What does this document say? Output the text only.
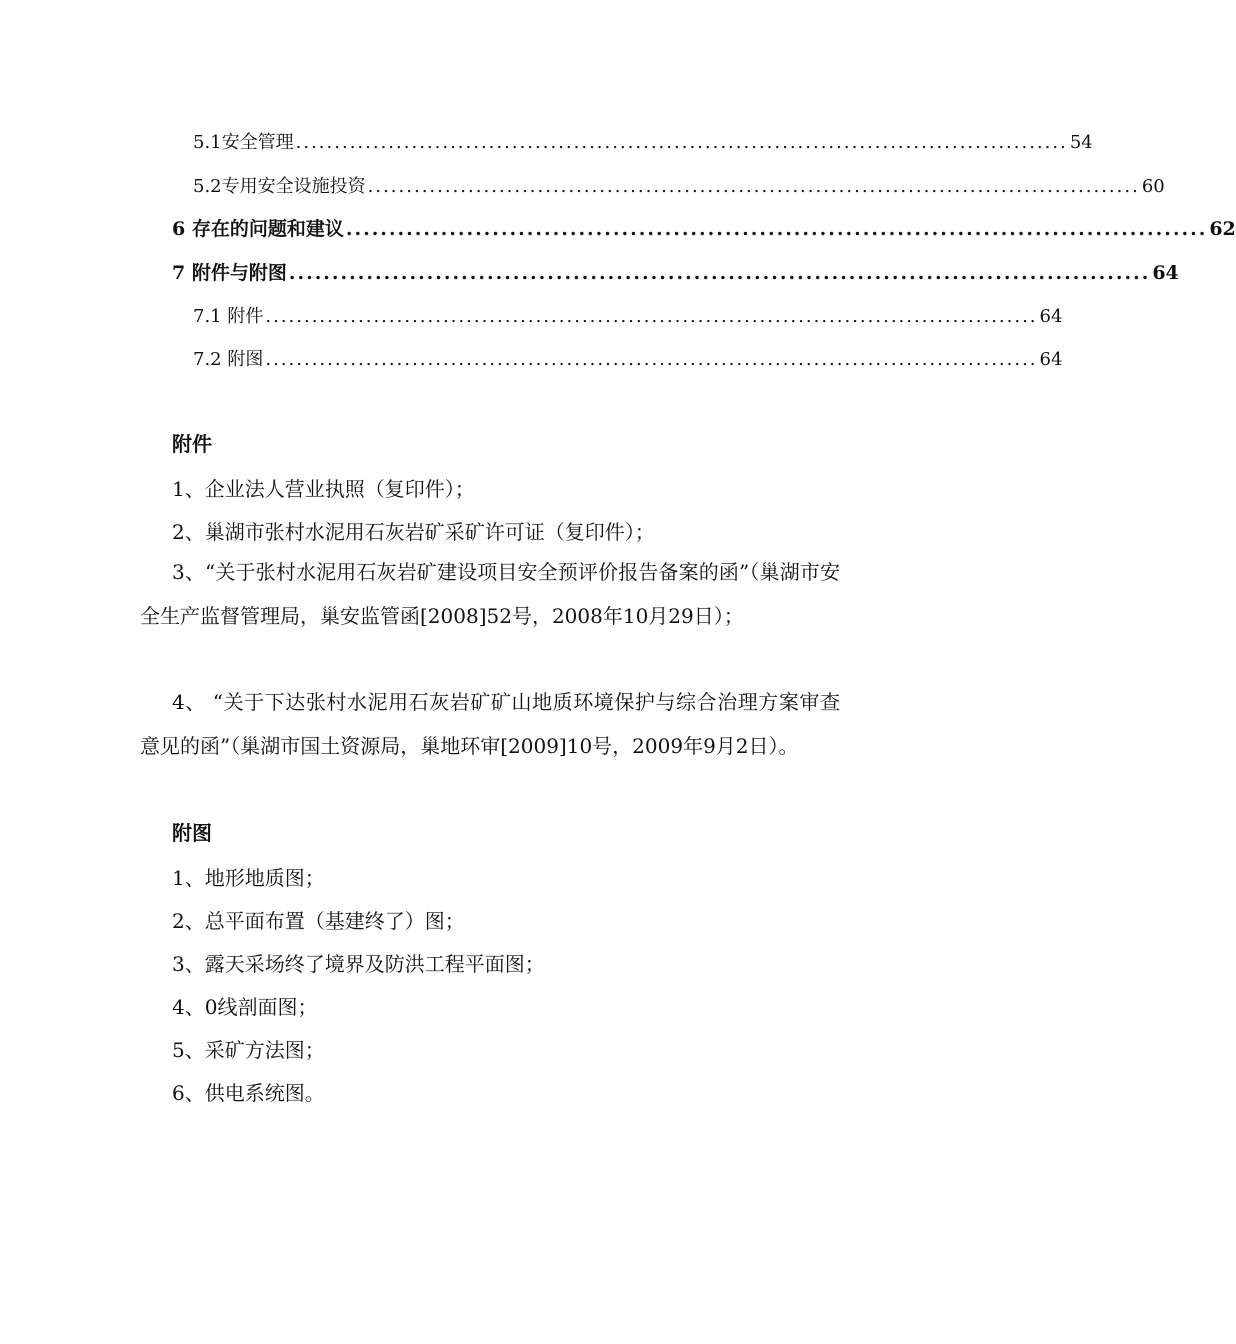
5.1安全管理 .................................................................................................... 54
5.2专用安全设施投资 .................................................................................................... 60
6 存在的问题和建议 .................................................................................................... 62
7 附件与附图 .................................................................................................... 64
7.1 附件 .................................................................................................... 64
7.2 附图 .................................................................................................... 64
附件
1、企业法人营业执照（复印件）；
2、巢湖市张村水泥用石灰岩矿采矿许可证（复印件）；
3、“关于张村水泥用石灰岩矿建设项目安全预评价报告备案的函”（巢湖市安全生产监督管理局，巢安监管函[2008]52号，2008年10月29日）；
4、 “关于下达张村水泥用石灰岩矿矿山地质环境保护与综合治理方案审查意见的函”（巢湖市国土资源局，巢地环审[2009]10号，2009年9月2日）。
附图
1、地形地质图；
2、总平面布置（基建终了）图；
3、露天采场终了境界及防洪工程平面图；
4、0线剖面图；
5、采矿方法图；
6、供电系统图。
